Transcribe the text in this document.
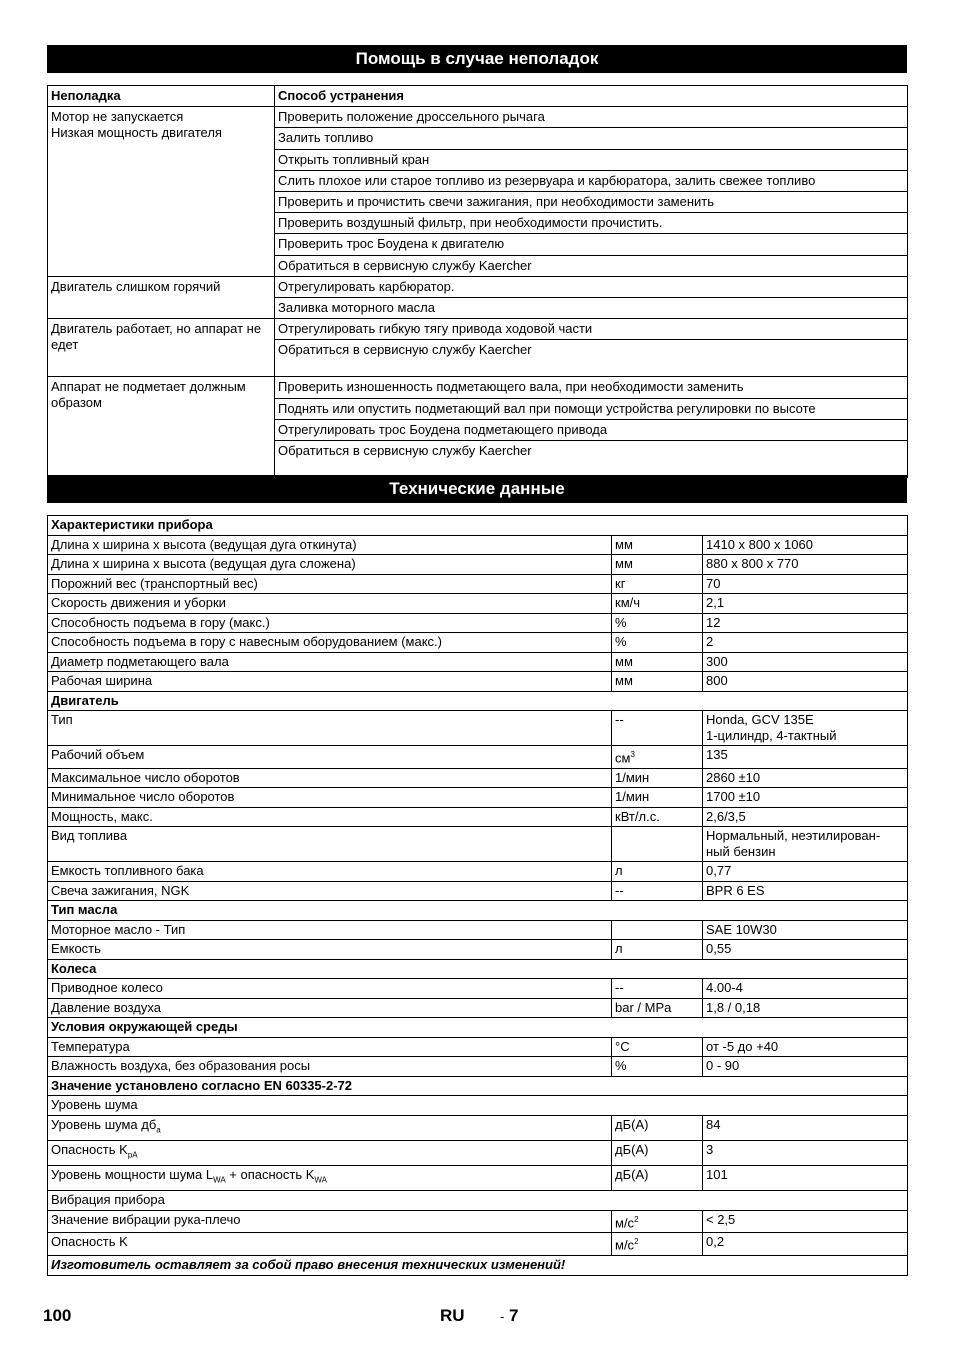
Помощь в случае неполадок
Неполадка	Способ устранения
Мотор не запускается
Низкая мощность двигателя	Проверить положение дроссельного рычага
	Залить топливо
	Открыть топливный кран
	Слить плохое или старое топливо из резервуара и карбюратора, залить свежее топливо
	Проверить и прочистить свечи зажигания, при необходимости заменить
	Проверить воздушный фильтр, при необходимости прочистить.
	Проверить трос Боудена к двигателю
	Обратиться в сервисную службу Kaercher
Двигатель слишком горячий	Отрегулировать карбюратор.
	Заливка моторного масла
Двигатель работает, но аппарат не едет	Отрегулировать гибкую тягу привода ходовой части
	Обратиться в сервисную службу Kaercher
Аппарат не подметает должным образом	Проверить изношенность подметающего вала, при необходимости заменить
	Поднять или опустить подметающий вал при помощи устройства регулировки по высоте
	Отрегулировать трос Боудена подметающего привода
	Обратиться в сервисную службу Kaercher
Технические данные
Характеристики прибора		
Длина х ширина х высота (ведущая дуга откинута)	мм	1410 x 800 x 1060
Длина х ширина х высота (ведущая дуга сложена)	мм	880 x 800 x 770
Порожний вес (транспортный вес)	кг	70
Скорость движения и уборки	км/ч	2,1
Способность подъема в гору (макс.)	%	12
Способность подъема в гору с навесным оборудованием (макс.)	%	2
Диаметр подметающего вала	мм	300
Рабочая ширина	мм	800
Двигатель		
Тип	--	Honda, GCV 135E
1-цилиндр, 4-тактный
Рабочий объем	$см^3$	135
Максимальное число оборотов	1/мин	2860 ±10
Минимальное число оборотов	1/мин	1700 ±10
Мощность, макс.	кВт/л.с.	2,6/3,5
Вид топлива		Нормальный, неэтилирован-
ный бензин
Емкость топливного бака	л	0,77
Свеча зажигания, NGK	--	BPR 6 ES
Тип масла		
Моторное масло - Тип		SAE 10W30
Емкость	л	0,55
Колеса		
Приводное колесо	--	4.00-4
Давление воздуха	bar / MPa	1,8 / 0,18
Условия окружающей среды		
Температура	°C	от -5 до +40
Влажность воздуха, без образования росы	%	0 - 90
Значение установлено согласно EN 60335-2-72		
Уровень шума		
Уровень шума $дб_a$	дБ(А)	84
Опасность $K_{pA}$	дБ(А)	3
Уровень мощности шума $L_{WA}$ + опасность $K_{WA}$	дБ(А)	101
Вибрация прибора		
Значение вибрации рука-плечо	$м/с^2$	< 2,5
Опасность K	$м/с^2$	0,2
Изготовитель оставляет за собой право внесения технических изменений!		
100	RU	- 7
